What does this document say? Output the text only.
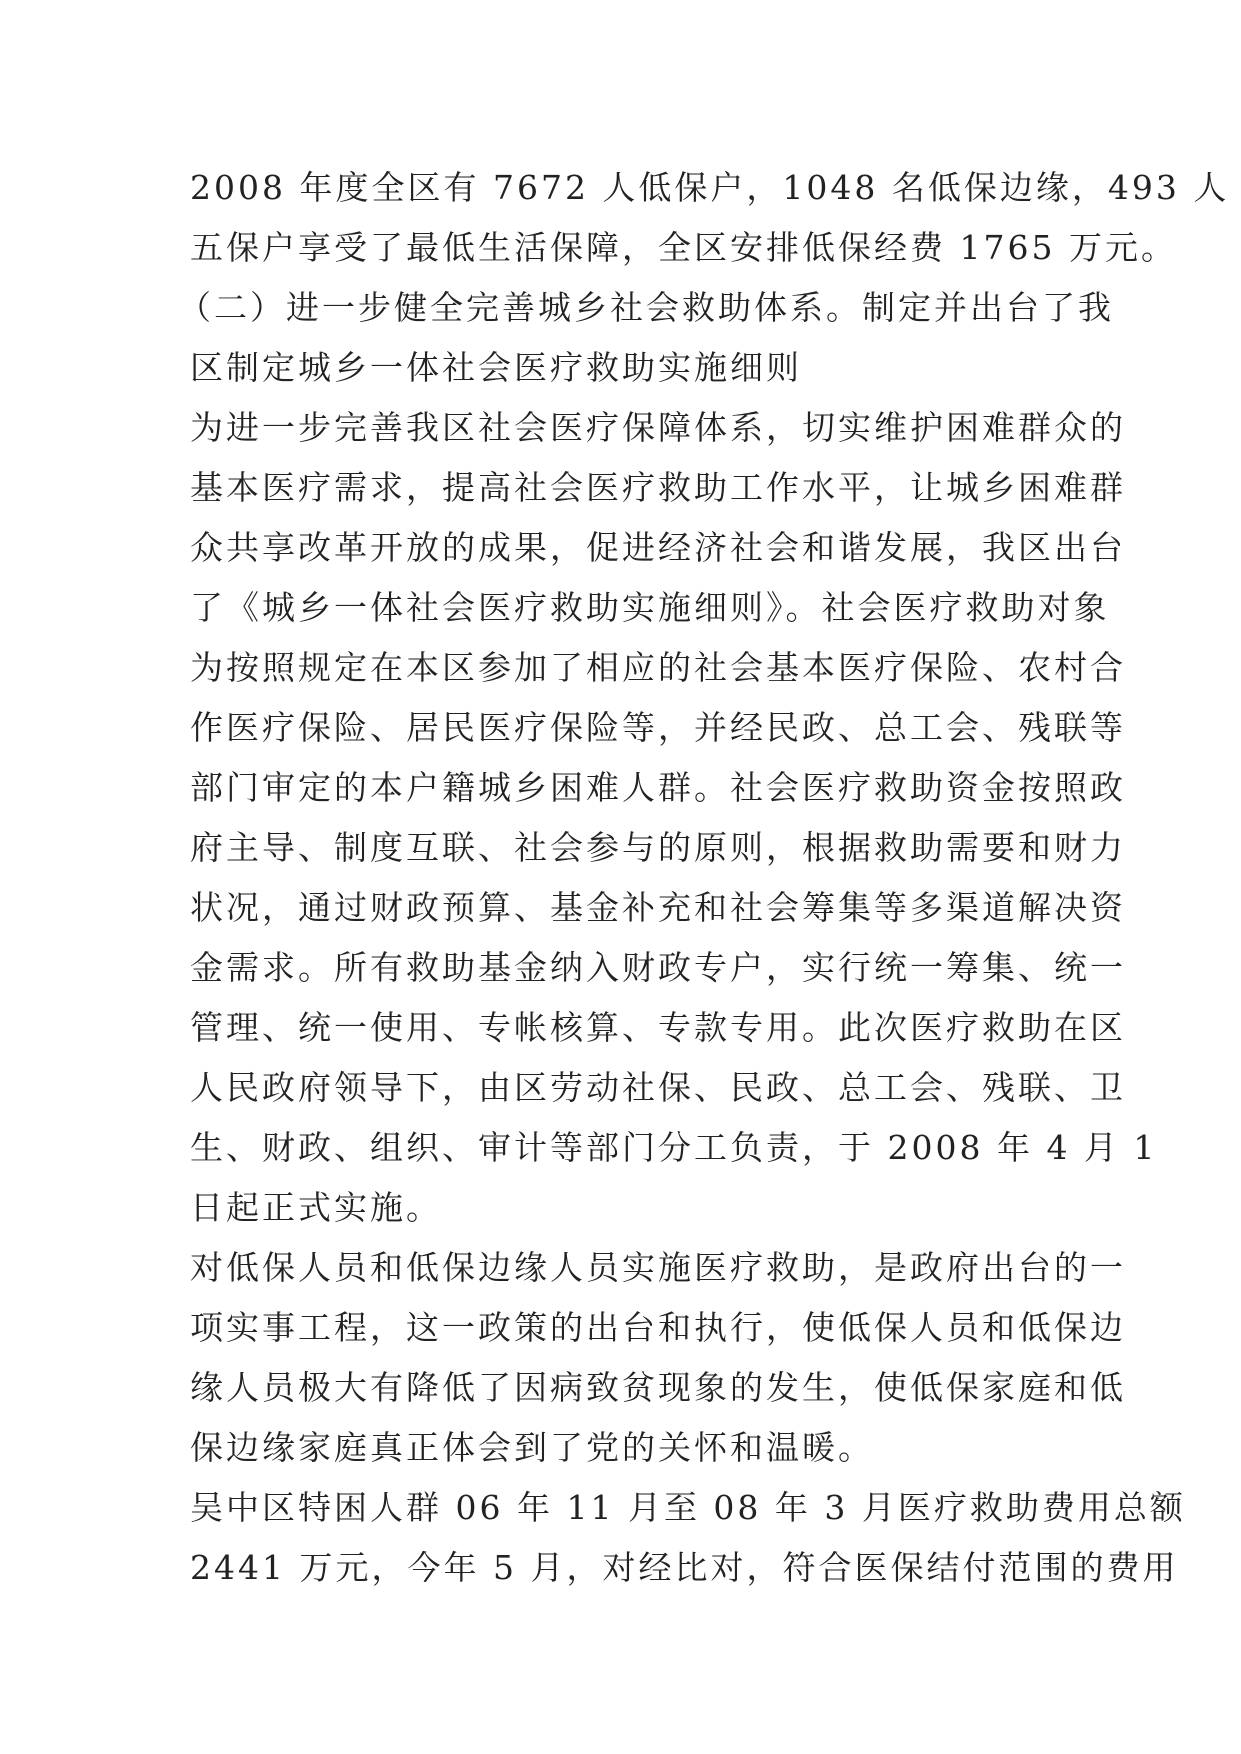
2008 年度全区有 7672 人低保户，1048 名低保边缘，493 人
五保户享受了最低生活保障，全区安排低保经费 1765 万元。
（二）进一步健全完善城乡社会救助体系。制定并出台了我
区制定城乡一体社会医疗救助实施细则
为进一步完善我区社会医疗保障体系，切实维护困难群众的
基本医疗需求，提高社会医疗救助工作水平，让城乡困难群
众共享改革开放的成果，促进经济社会和谐发展，我区出台
了《城乡一体社会医疗救助实施细则》。社会医疗救助对象
为按照规定在本区参加了相应的社会基本医疗保险、农村合
作医疗保险、居民医疗保险等，并经民政、总工会、残联等
部门审定的本户籍城乡困难人群。社会医疗救助资金按照政
府主导、制度互联、社会参与的原则，根据救助需要和财力
状况，通过财政预算、基金补充和社会筹集等多渠道解决资
金需求。所有救助基金纳入财政专户，实行统一筹集、统一
管理、统一使用、专帐核算、专款专用。此次医疗救助在区
人民政府领导下，由区劳动社保、民政、总工会、残联、卫
生、财政、组织、审计等部门分工负责，于 2008 年 4 月 1
日起正式实施。
对低保人员和低保边缘人员实施医疗救助，是政府出台的一
项实事工程，这一政策的出台和执行，使低保人员和低保边
缘人员极大有降低了因病致贫现象的发生，使低保家庭和低
保边缘家庭真正体会到了党的关怀和温暖。
吴中区特困人群 06 年 11 月至 08 年 3 月医疗救助费用总额
2441 万元，今年 5 月，对经比对，符合医保结付范围的费用
